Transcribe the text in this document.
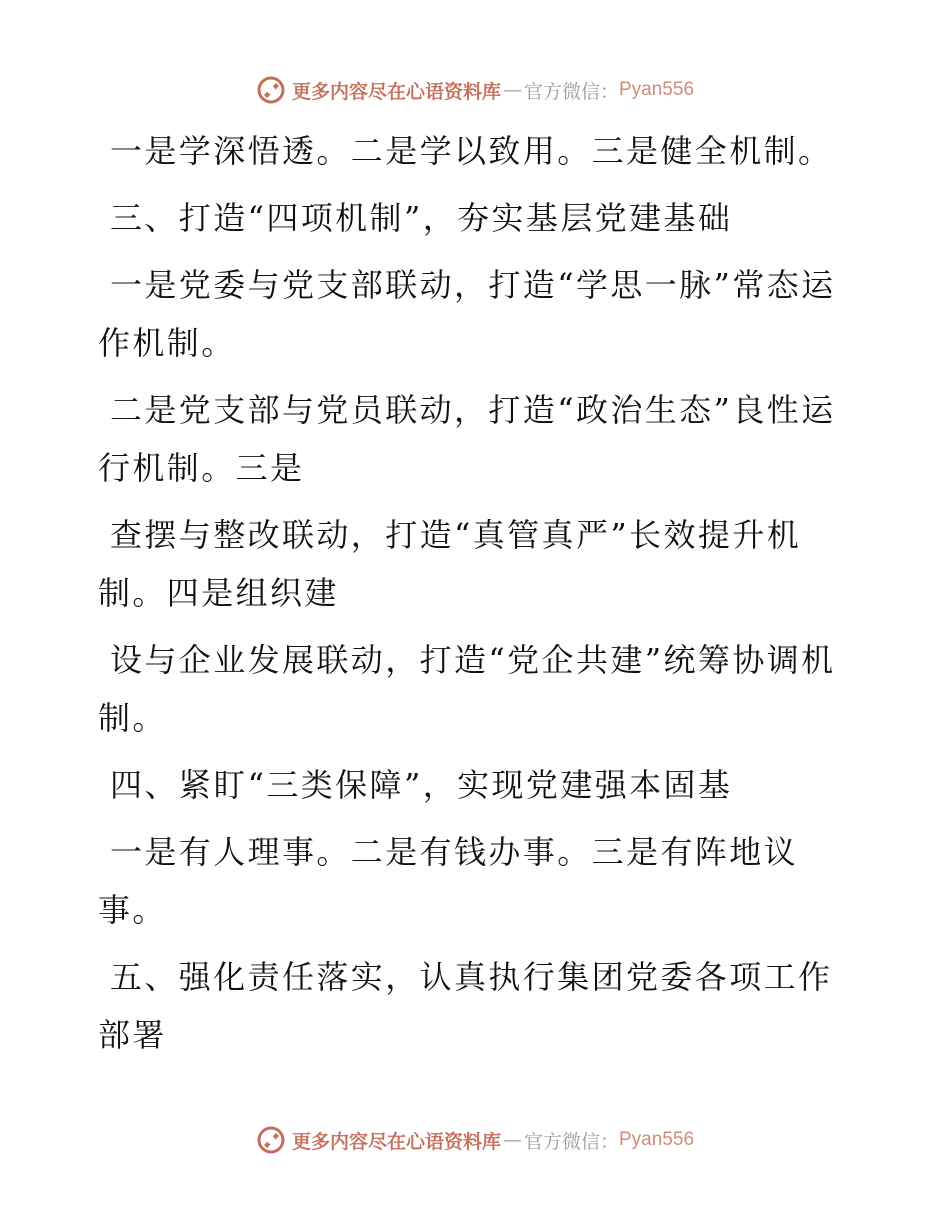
更多内容尽在心语资料库 — 官方微信： Pyan556

一是学深悟透。二是学以致用。三是健全机制。

三、打造“四项机制”，夯实基层党建基础

一是党委与党支部联动，打造“学思一脉”常态运作机制。

二是党支部与党员联动，打造“政治生态”良性运行机制。三是

查摆与整改联动，打造“真管真严”长效提升机制。四是组织建

设与企业发展联动，打造“党企共建”统筹协调机制。

四、紧盯“三类保障”，实现党建强本固基

一是有人理事。二是有钱办事。三是有阵地议事。

五、强化责任落实，认真执行集团党委各项工作部署

更多内容尽在心语资料库 — 官方微信： Pyan556
